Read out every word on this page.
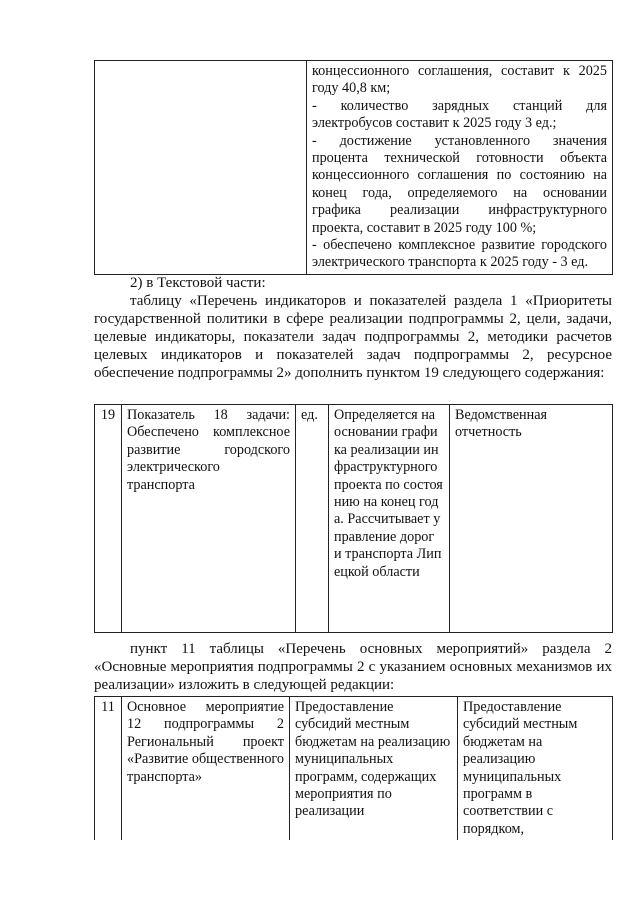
концессионного соглашения, составит к 2025 году 40,8 км;
- количество зарядных станций для электробусов составит к 2025 году 3 ед.;
- достижение установленного значения процента технической готовности объекта концессионного соглашения по состоянию на конец года, определяемого на основании графика реализации инфраструктурного проекта, составит в 2025 году 100 %;
- обеспечено комплексное развитие городского электрического транспорта к 2025 году - 3 ед.
2) в Текстовой части:
таблицу «Перечень индикаторов и показателей раздела 1 «Приоритеты государственной политики в сфере реализации подпрограммы 2, цели, задачи, целевые индикаторы, показатели задач подпрограммы 2, методики расчетов целевых индикаторов и показателей задач подпрограммы 2, ресурсное обеспечение подпрограммы 2» дополнить пунктом 19 следующего содержания:
19	Показатель 18 задачи: Обеспечено комплексное развитие городского электрического транспорта	ед.	Определяется на основании графика реализации инфраструктурного проекта по состоянию на конец года. Рассчитывает управление дорог и транспорта Липецкой области	Ведомственная отчетность
пункт 11 таблицы «Перечень основных мероприятий» раздела 2 «Основные мероприятия подпрограммы 2 с указанием основных механизмов их реализации» изложить в следующей редакции:
11	Основное мероприятие 12 подпрограммы 2 Региональный проект «Развитие общественного транспорта»	Предоставление субсидий местным бюджетам на реализацию муниципальных программ, содержащих мероприятия по реализации	Предоставление субсидий местным бюджетам на реализацию муниципальных программ в соответствии с порядком,
